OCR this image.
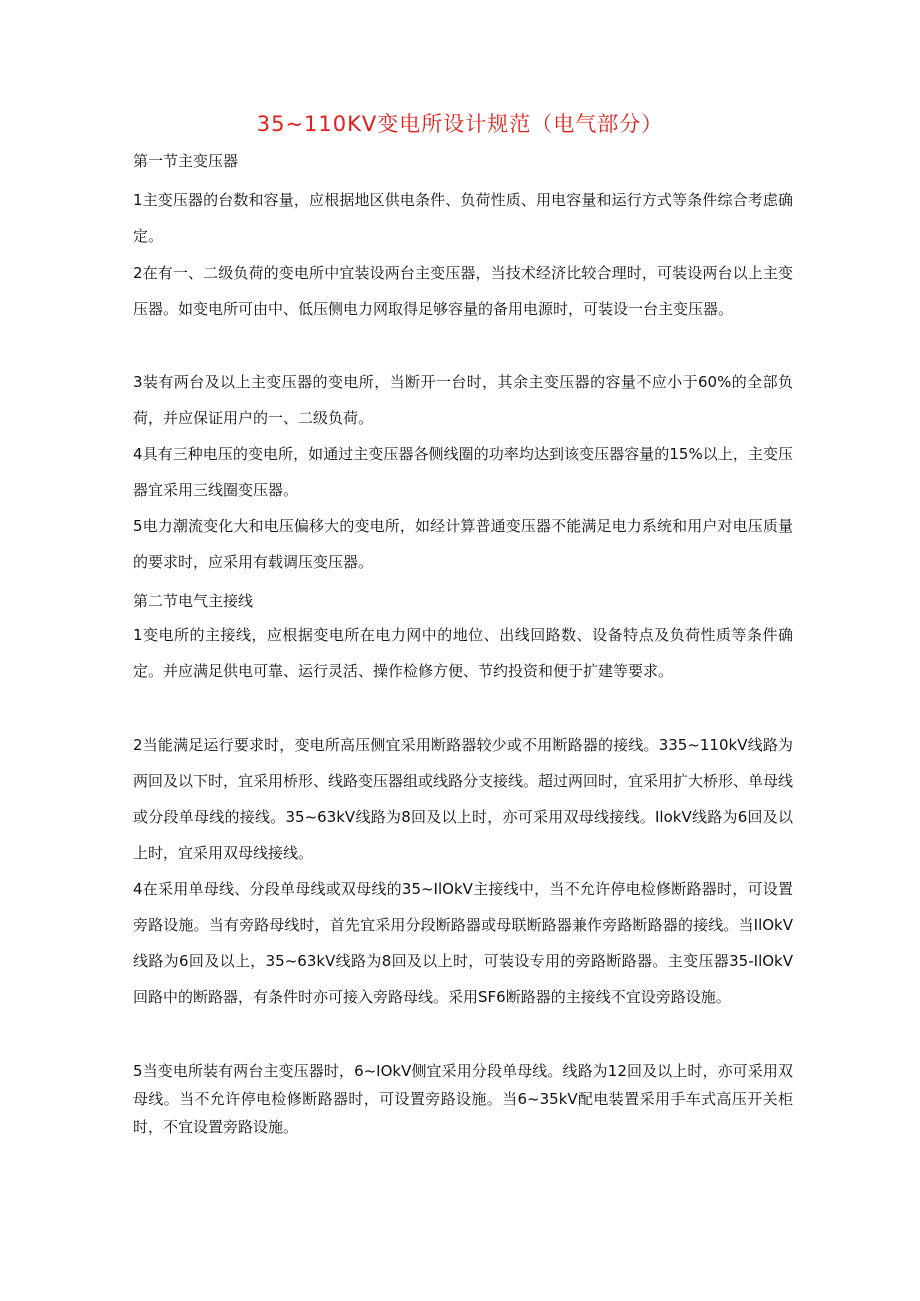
35~110KV变电所设计规范（电气部分）
第一节主变压器

1主变压器的台数和容量，应根据地区供电条件、负荷性质、用电容量和运行方式等条件综合考虑确定。

2在有一、二级负荷的变电所中宜装设两台主变压器，当技术经济比较合理时，可装设两台以上主变压器。如变电所可由中、低压侧电力网取得足够容量的备用电源时，可装设一台主变压器。

3装有两台及以上主变压器的变电所，当断开一台时，其余主变压器的容量不应小于60%的全部负荷，并应保证用户的一、二级负荷。

4具有三种电压的变电所，如通过主变压器各侧线圈的功率均达到该变压器容量的15%以上，主变压器宜采用三线圈变压器。

5电力潮流变化大和电压偏移大的变电所，如经计算普通变压器不能满足电力系统和用户对电压质量的要求时，应采用有载调压变压器。

第二节电气主接线

1变电所的主接线，应根据变电所在电力网中的地位、出线回路数、设备特点及负荷性质等条件确定。并应满足供电可靠、运行灵活、操作检修方便、节约投资和便于扩建等要求。

2当能满足运行要求时，变电所高压侧宜采用断路器较少或不用断路器的接线。335~110kV线路为两回及以下时，宜采用桥形、线路变压器组或线路分支接线。超过两回时，宜采用扩大桥形、单母线或分段单母线的接线。35~63kV线路为8回及以上时，亦可采用双母线接线。IlokV线路为6回及以上时，宜采用双母线接线。

4在采用单母线、分段单母线或双母线的35~IlOkV主接线中，当不允许停电检修断路器时，可设置旁路设施。当有旁路母线时，首先宜采用分段断路器或母联断路器兼作旁路断路器的接线。当IlOkV线路为6回及以上，35~63kV线路为8回及以上时，可装设专用的旁路断路器。主变压器35-IlOkV回路中的断路器，有条件时亦可接入旁路母线。采用SF6断路器的主接线不宜设旁路设施。

5当变电所装有两台主变压器时，6~IOkV侧宜采用分段单母线。线路为12回及以上时，亦可采用双母线。当不允许停电检修断路器时，可设置旁路设施。当6~35kV配电装置采用手车式高压开关柜时，不宜设置旁路设施。
